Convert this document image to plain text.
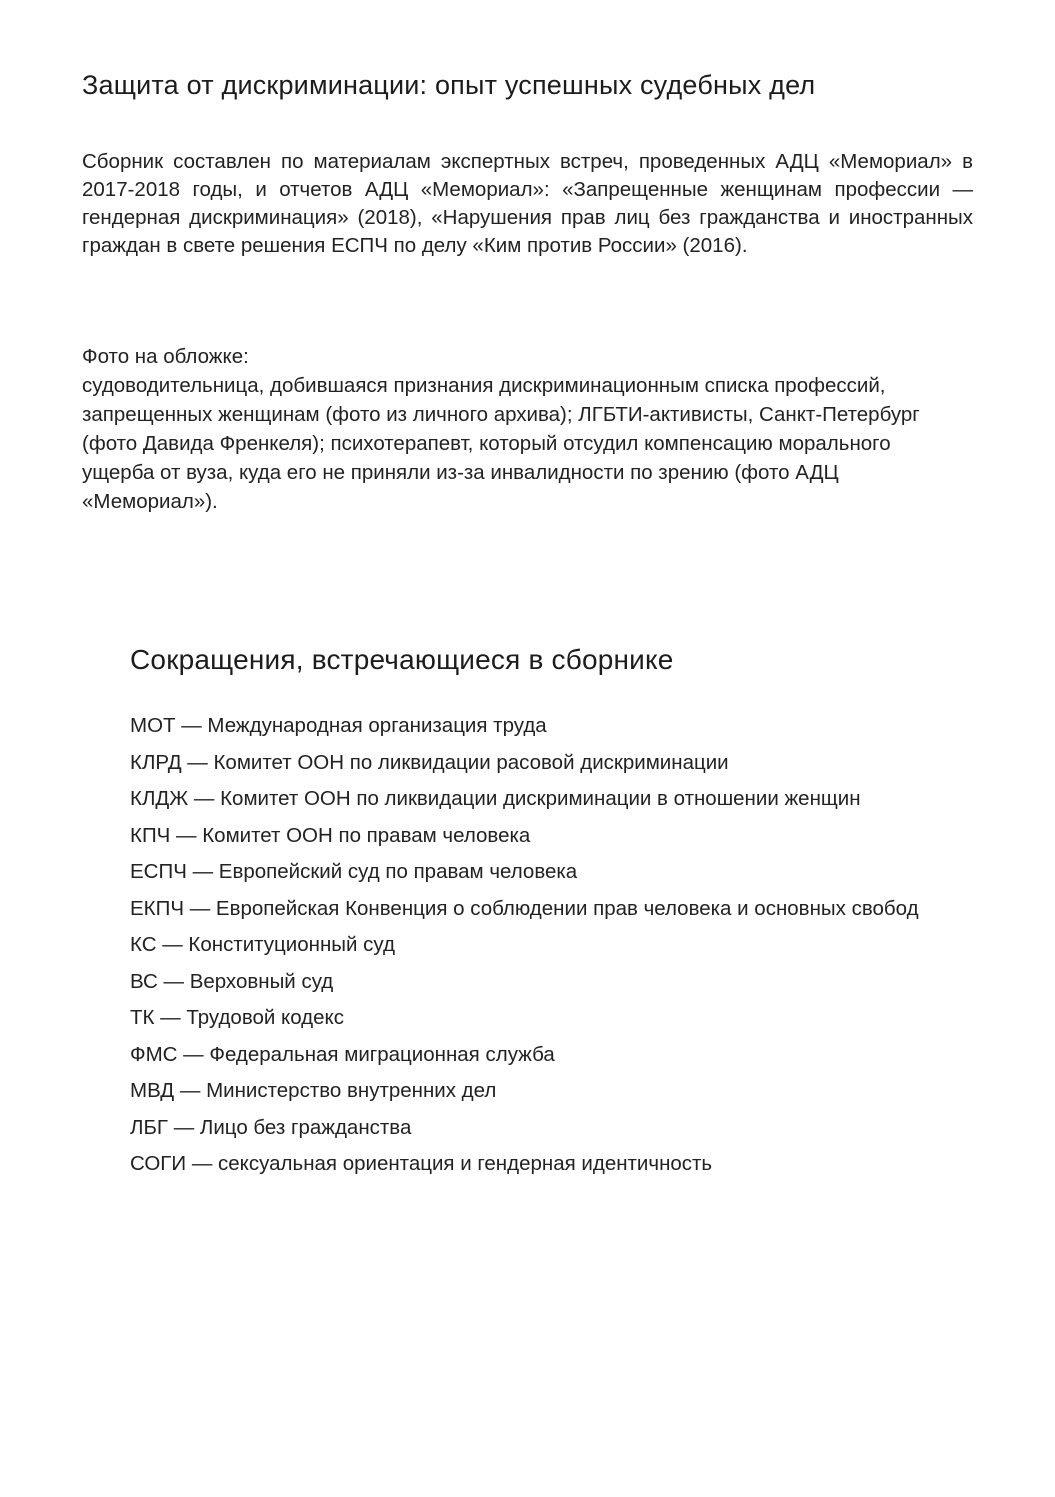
Защита от дискриминации: опыт успешных судебных дел

Сборник составлен по материалам экспертных встреч, проведенных АДЦ «Мемориал» в 2017-2018 годы, и отчетов АДЦ «Мемориал»: «Запрещенные женщинам профессии — гендерная дискриминация» (2018), «Нарушения прав лиц без гражданства и иностранных граждан в свете решения ЕСПЧ по делу «Ким против России» (2016).

Фото на обложке:

судоводительница, добившаяся признания дискриминационным списка профессий, запрещенных женщинам (фото из личного архива); ЛГБТИ-активисты, Санкт-Петербург (фото Давида Френкеля); психотерапевт, который отсудил компенсацию морального ущерба от вуза, куда его не приняли из-за инвалидности по зрению (фото АДЦ «Мемориал»).

Сокращения, встречающиеся в сборнике
МОТ — Международная организация труда
КЛРД — Комитет ООН по ликвидации расовой дискриминации
КЛДЖ — Комитет ООН по ликвидации дискриминации в отношении женщин
КПЧ — Комитет ООН по правам человека
ЕСПЧ — Европейский суд по правам человека
ЕКПЧ — Европейская Конвенция о соблюдении прав человека и основных свобод
КС — Конституционный суд
ВС — Верховный суд
ТК — Трудовой кодекс
ФМС — Федеральная миграционная служба
МВД — Министерство внутренних дел
ЛБГ — Лицо без гражданства
СОГИ — сексуальная ориентация и гендерная идентичность
